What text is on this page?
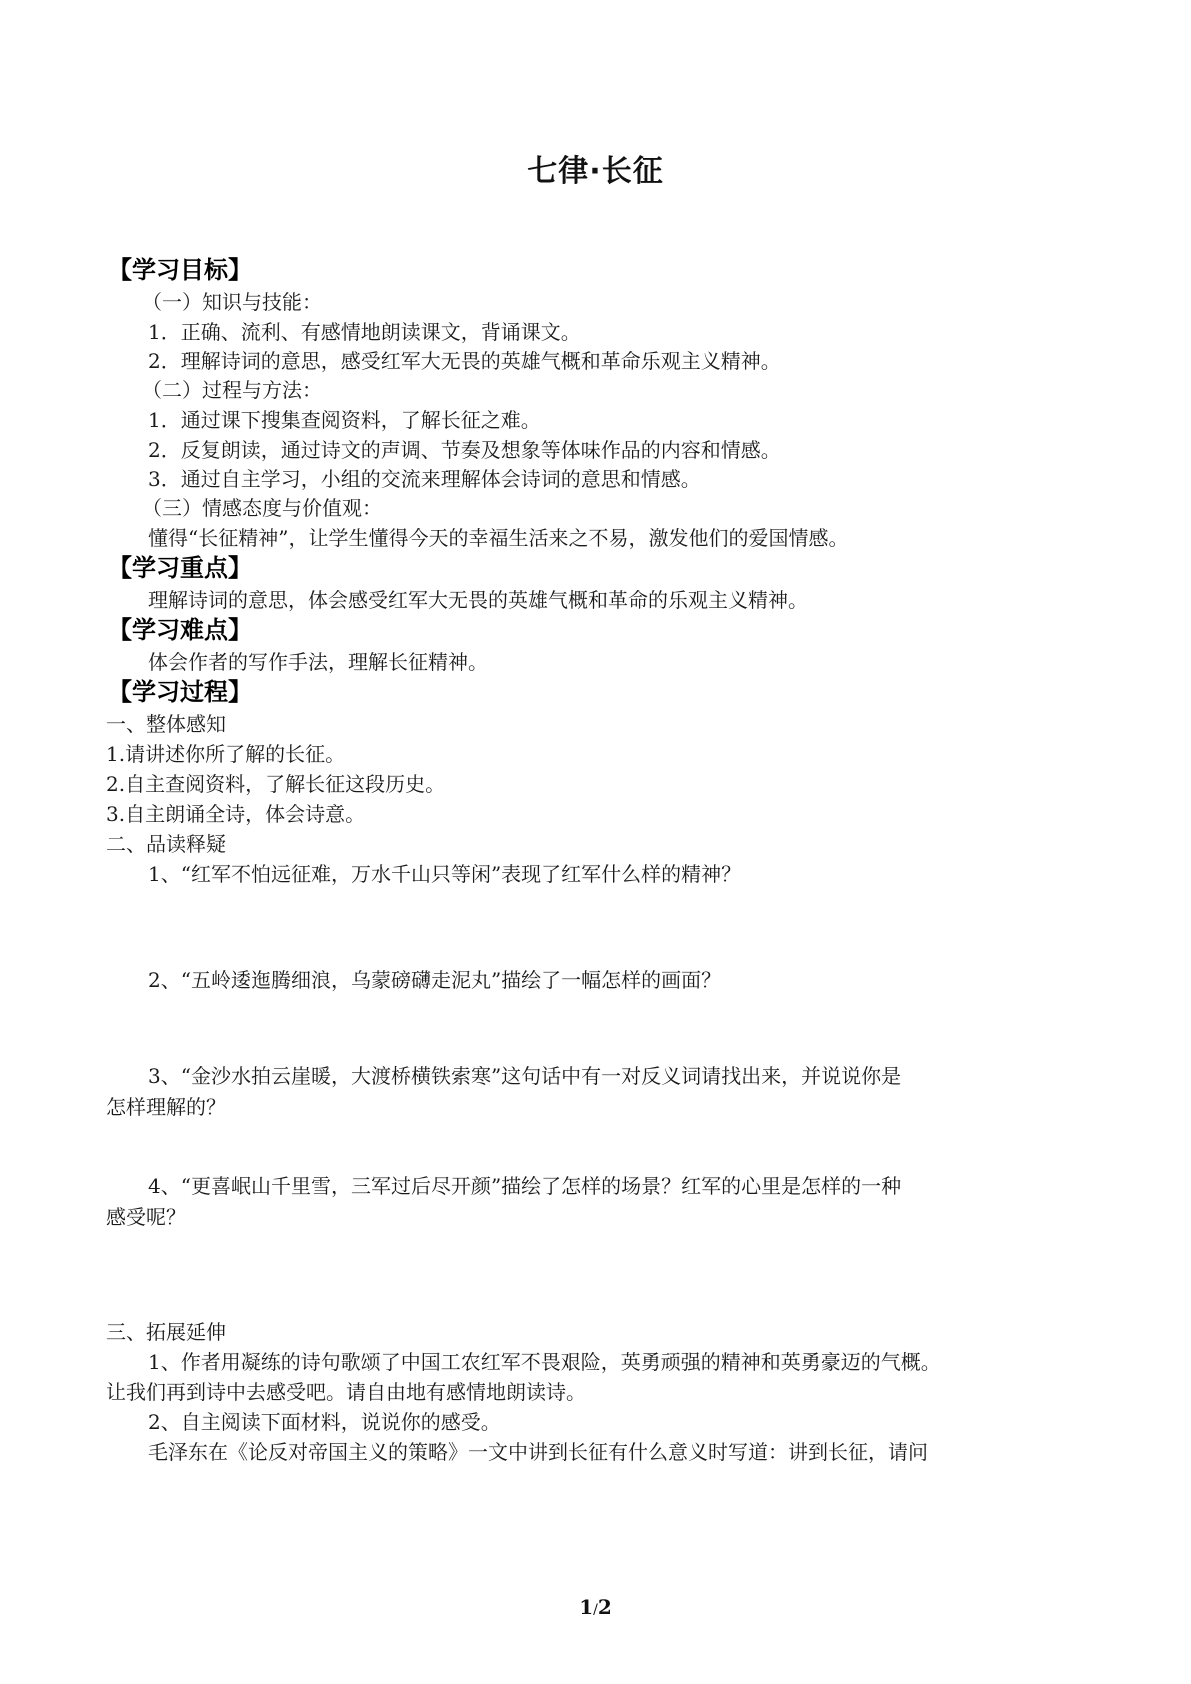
七律·长征
【学习目标】
（一）知识与技能：
1．正确、流利、有感情地朗读课文，背诵课文。
2．理解诗词的意思，感受红军大无畏的英雄气概和革命乐观主义精神。
（二）过程与方法：
1．通过课下搜集查阅资料，了解长征之难。
2．反复朗读，通过诗文的声调、节奏及想象等体味作品的内容和情感。
3．通过自主学习，小组的交流来理解体会诗词的意思和情感。
（三）情感态度与价值观：
懂得“长征精神”，让学生懂得今天的幸福生活来之不易，激发他们的爱国情感。
【学习重点】
理解诗词的意思，体会感受红军大无畏的英雄气概和革命的乐观主义精神。
【学习难点】
体会作者的写作手法，理解长征精神。
【学习过程】
一、整体感知
1.请讲述你所了解的长征。
2.自主查阅资料，了解长征这段历史。
3.自主朗诵全诗，体会诗意。
二、品读释疑
1、“红军不怕远征难，万水千山只等闲”表现了红军什么样的精神？
2、“五岭逶迤腾细浪，乌蒙磅礴走泥丸”描绘了一幅怎样的画面？
3、“金沙水拍云崖暖，大渡桥横铁索寒”这句话中有一对反义词请找出来，并说说你是
怎样理解的？
4、“更喜岷山千里雪，三军过后尽开颜”描绘了怎样的场景？红军的心里是怎样的一种
感受呢？
三、拓展延伸
1、作者用凝练的诗句歌颂了中国工农红军不畏艰险，英勇顽强的精神和英勇豪迈的气概。
让我们再到诗中去感受吧。请自由地有感情地朗读诗。
2、自主阅读下面材料，说说你的感受。
毛泽东在《论反对帝国主义的策略》一文中讲到长征有什么意义时写道：讲到长征，请问
1/2
